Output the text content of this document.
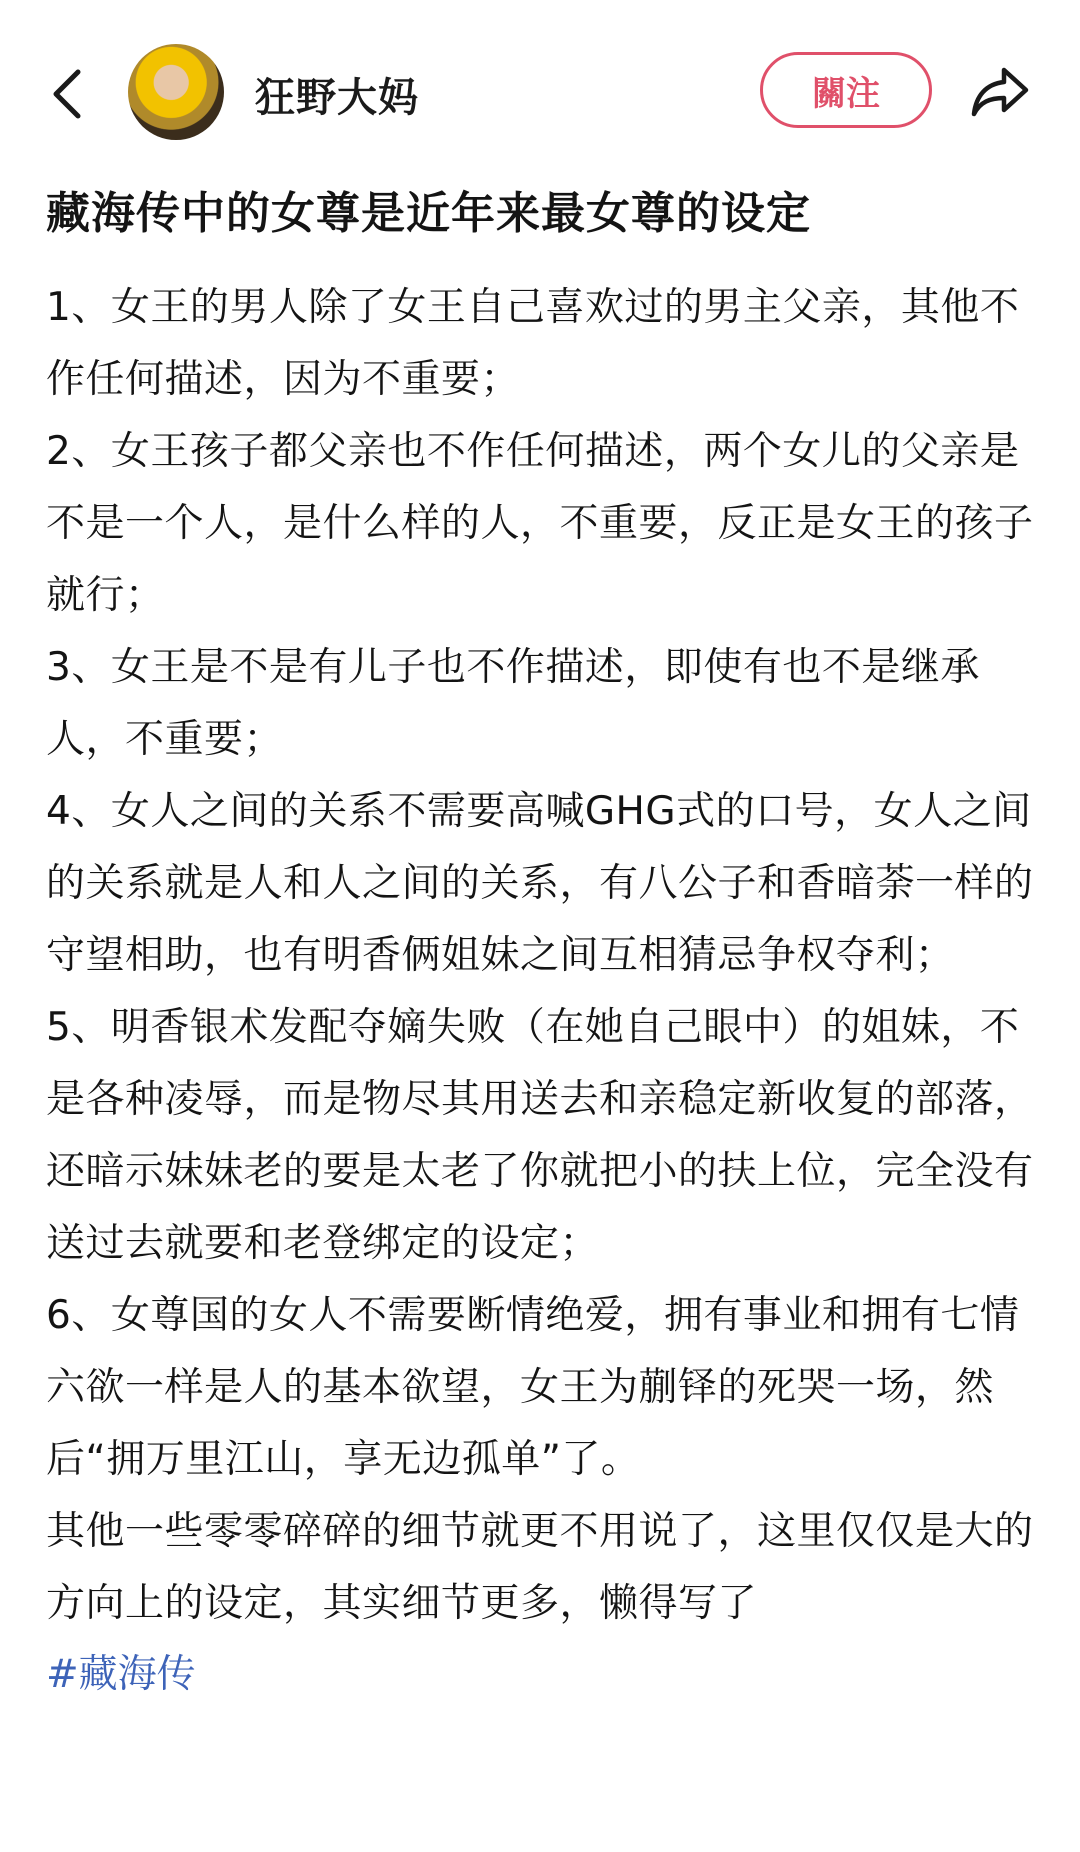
狂野大妈	關注
藏海传中的女尊是近年来最女尊的设定

1、女王的男人除了女王自己喜欢过的男主父亲，其他不作任何描述，因为不重要；

2、女王孩子都父亲也不作任何描述，两个女儿的父亲是不是一个人，是什么样的人，不重要，反正是女王的孩子就行；

3、女王是不是有儿子也不作描述，即使有也不是继承人，不重要；

4、女人之间的关系不需要高喊GHG式的口号，女人之间的关系就是人和人之间的关系，有八公子和香暗荼一样的守望相助，也有明香俩姐妹之间互相猜忌争权夺利；

5、明香银术发配夺嫡失败（在她自己眼中）的姐妹，不是各种凌辱，而是物尽其用送去和亲稳定新收复的部落，还暗示妹妹老的要是太老了你就把小的扶上位，完全没有送过去就要和老登绑定的设定；

6、女尊国的女人不需要断情绝爱，拥有事业和拥有七情六欲一样是人的基本欲望，女王为蒯铎的死哭一场，然后“拥万里江山，享无边孤单”了。

其他一些零零碎碎的细节就更不用说了，这里仅仅是大的方向上的设定，其实细节更多，懒得写了

#藏海传
